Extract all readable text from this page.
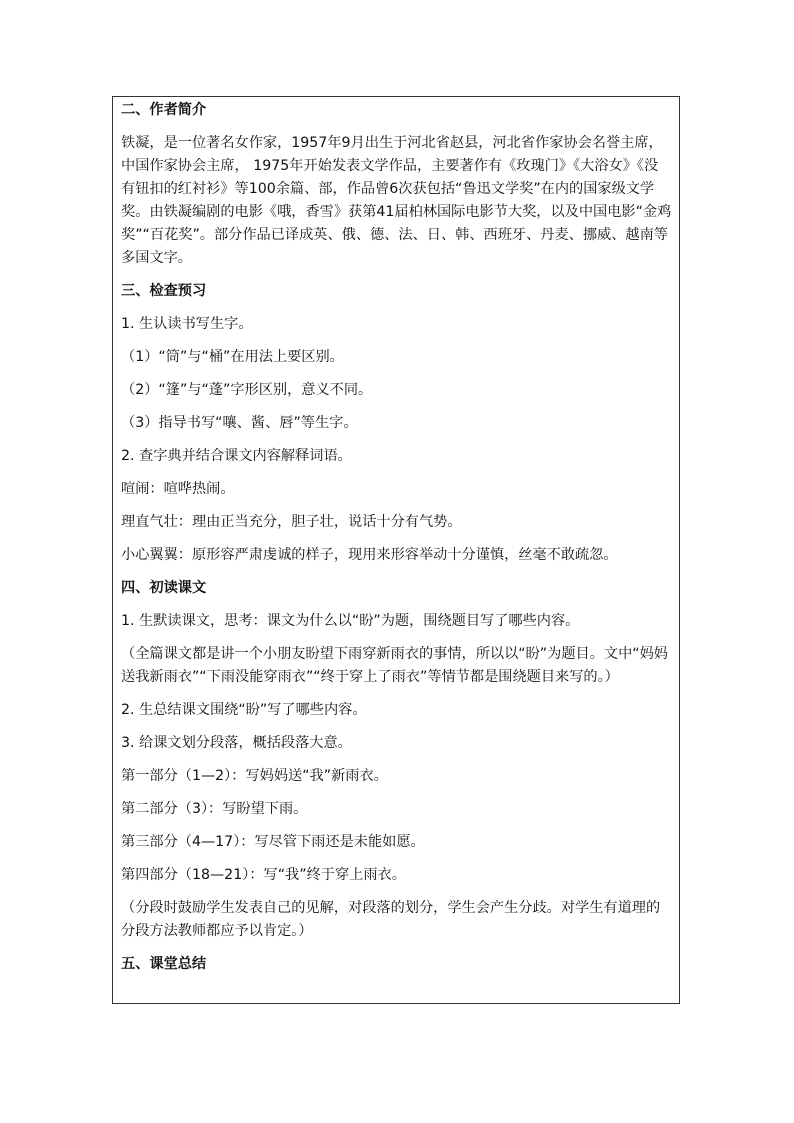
二、作者简介
铁凝，是一位著名女作家，1957年9月出生于河北省赵县，河北省作家协会名誉主席，中国作家协会主席， 1975年开始发表文学作品，主要著作有《玫瑰门》《大浴女》《没有钮扣的红衬衫》等100余篇、部，作品曾6次获包括“鲁迅文学奖”在内的国家级文学奖。由铁凝编剧的电影《哦，香雪》获第41届柏林国际电影节大奖，以及中国电影“金鸡奖”“百花奖”。部分作品已译成英、俄、德、法、日、韩、西班牙、丹麦、挪威、越南等多国文字。
三、检查预习
1. 生认读书写生字。
（1）“筒”与“桶”在用法上要区别。
（2）“篷”与“蓬”字形区别，意义不同。
（3）指导书写“嚷、酱、唇”等生字。
2. 查字典并结合课文内容解释词语。
喧闹：喧哗热闹。
理直气壮：理由正当充分，胆子壮，说话十分有气势。
小心翼翼：原形容严肃虔诚的样子，现用来形容举动十分谨慎，丝毫不敢疏忽。
四、初读课文
1. 生默读课文，思考：课文为什么以“盼”为题，围绕题目写了哪些内容。
（全篇课文都是讲一个小朋友盼望下雨穿新雨衣的事情，所以以“盼”为题目。文中“妈妈送我新雨衣”“下雨没能穿雨衣”“终于穿上了雨衣”等情节都是围绕题目来写的。）
2. 生总结课文围绕“盼”写了哪些内容。
3. 给课文划分段落，概括段落大意。
第一部分（1—2）：写妈妈送“我”新雨衣。
第二部分（3）：写盼望下雨。
第三部分（4—17）：写尽管下雨还是未能如愿。
第四部分（18—21）：写“我”终于穿上雨衣。
（分段时鼓励学生发表自己的见解，对段落的划分，学生会产生分歧。对学生有道理的分段方法教师都应予以肯定。）
五、课堂总结
